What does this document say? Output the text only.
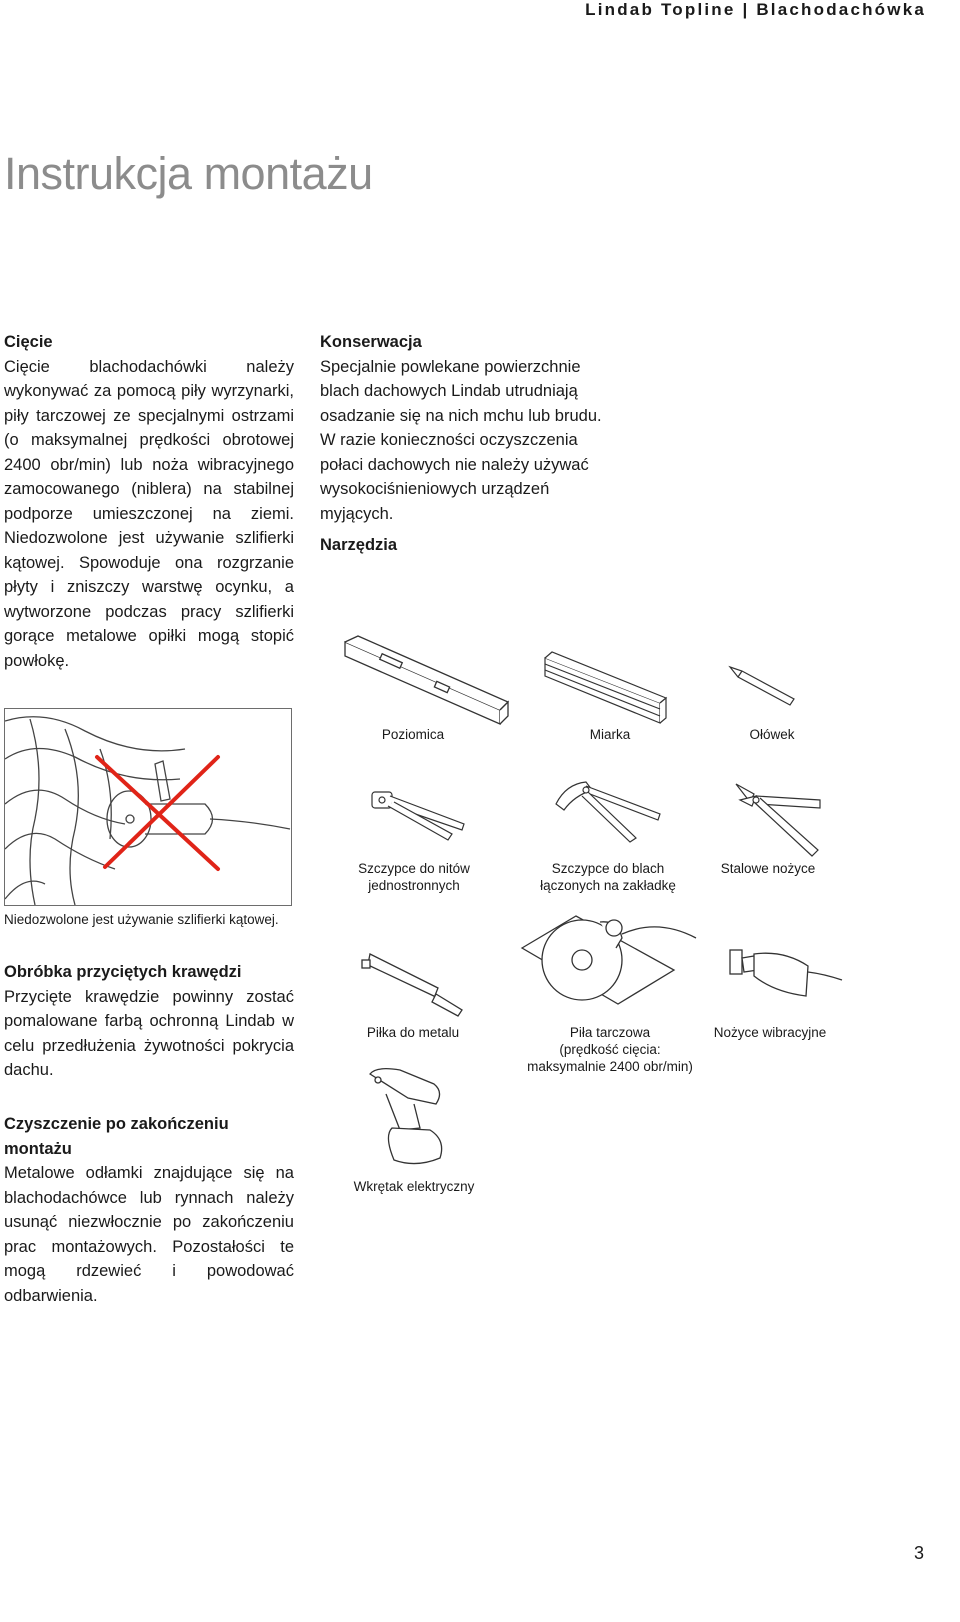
Lindab Topline | Blachodachówka
Instrukcja montażu
Cięcie

Cięcie blachodachówki należy wykonywać za pomocą piły wyrzynarki, piły tarczowej ze specjalnymi ostrzami (o maksymalnej prędkości obrotowej 2400 obr/min) lub noża wibracyjnego zamocowanego (niblera) na stabilnej podporze umieszczonej na ziemi. Niedozwolone jest używanie szlifierki kątowej. Spowoduje ona rozgrzanie płyty i zniszczy warstwę ocynku, a wytworzone podczas pracy szlifierki gorące metalowe opiłki mogą stopić powłokę.

Niedozwolone jest używanie szlifierki kątowej.
Obróbka przyciętych krawędzi

Przycięte krawędzie powinny zostać pomalowane farbą ochronną Lindab w celu przedłużenia żywotności pokrycia dachu.

Czyszczenie po zakończeniu montażu

Metalowe odłamki znajdujące się na blachodachówce lub rynnach należy usunąć niezwłocznie po zakończeniu prac montażowych. Pozostałości te mogą rdzewieć i powodować odbarwienia.

Konserwacja

Specjalnie powlekane powierzchnie blach dachowych Lindab utrudniają osadzanie się na nich mchu lub brudu. W razie konieczności oczyszczenia połaci dachowych nie należy używać wysokociśnieniowych urządzeń myjących.

Narzędzia
Poziomica	Miarka	Ołówek
Szczypce do nitów
jednostronnych
Szczypce do blach
łączonych na zakładkę
Stalowe nożyce
Piłka do metalu	Piła tarczowa
(prędkość cięcia:
maksymalnie 2400 obr/min)
Nożyce wibracyjne
Wkrętak elektryczny
3
